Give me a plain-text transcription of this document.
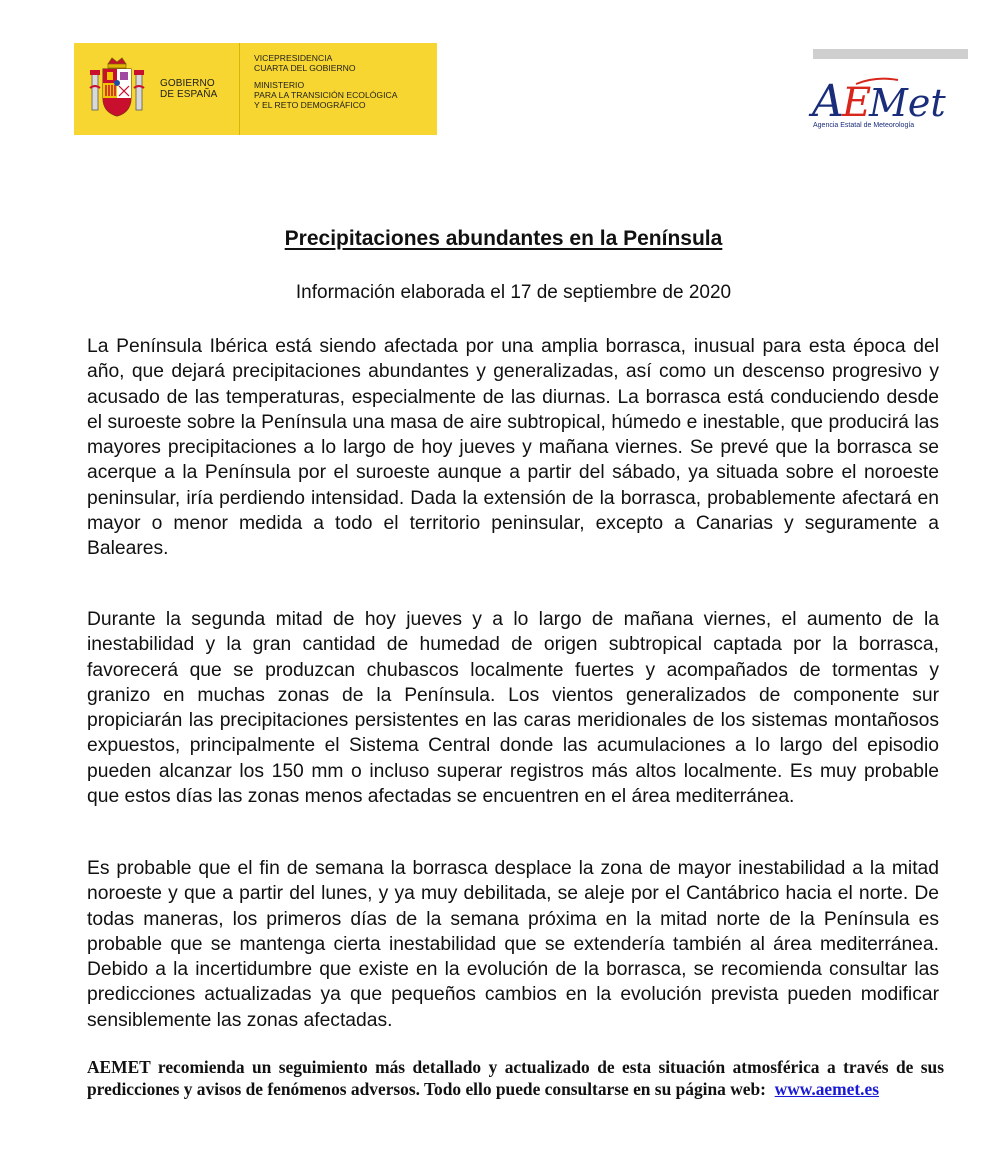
GOBIERNO
DE ESPAÑA
VICEPRESIDENCIA
CUARTA DEL GOBIERNO
MINISTERIO
PARA LA TRANSICIÓN ECOLÓGICA
Y EL RETO DEMOGRÁFICO	A
E
Met
Agencia Estatal de Meteorología
Precipitaciones abundantes en la Península
Información elaborada el 17 de septiembre de 2020
La Península Ibérica está siendo afectada por una amplia borrasca, inusual para esta época del año, que dejará precipitaciones abundantes y generalizadas, así como un descenso progresivo y acusado de las temperaturas, especialmente de las diurnas. La borrasca está conduciendo desde el suroeste sobre la Península una masa de aire subtropical, húmedo e inestable, que producirá las mayores precipitaciones a lo largo de hoy jueves y mañana viernes. Se prevé que la borrasca se acerque a la Península por el suroeste aunque a partir del sábado, ya situada sobre el noroeste peninsular, iría perdiendo intensidad. Dada la extensión de la borrasca, probablemente afectará en mayor o menor medida a todo el territorio peninsular, excepto a Canarias y seguramente a Baleares.
Durante la segunda mitad de hoy jueves y a lo largo de mañana viernes, el aumento de la inestabilidad y la gran cantidad de humedad de origen subtropical captada por la borrasca, favorecerá que se produzcan chubascos localmente fuertes y acompañados de tormentas y granizo en muchas zonas de la Península. Los vientos generalizados de componente sur propiciarán las precipitaciones persistentes en las caras meridionales de los sistemas montañosos expuestos, principalmente el Sistema Central donde las acumulaciones a lo largo del episodio pueden alcanzar los 150 mm o incluso superar registros más altos localmente. Es muy probable que estos días las zonas menos afectadas se encuentren en el área mediterránea.
Es probable que el fin de semana la borrasca desplace la zona de mayor inestabilidad a la mitad noroeste y que a partir del lunes, y ya muy debilitada, se aleje por el Cantábrico hacia el norte. De todas maneras, los primeros días de la semana próxima en la mitad norte de la Península es probable que se mantenga cierta inestabilidad que se extendería también al área mediterránea. Debido a la incertidumbre que existe en la evolución de la borrasca, se recomienda consultar las predicciones actualizadas ya que pequeños cambios en la evolución prevista pueden modificar sensiblemente las zonas afectadas.
AEMET recomienda un seguimiento más detallado y actualizado de esta situación atmosférica a través de sus predicciones y avisos de fenómenos adversos. Todo ello puede consultarse en su página web: www.aemet.es
